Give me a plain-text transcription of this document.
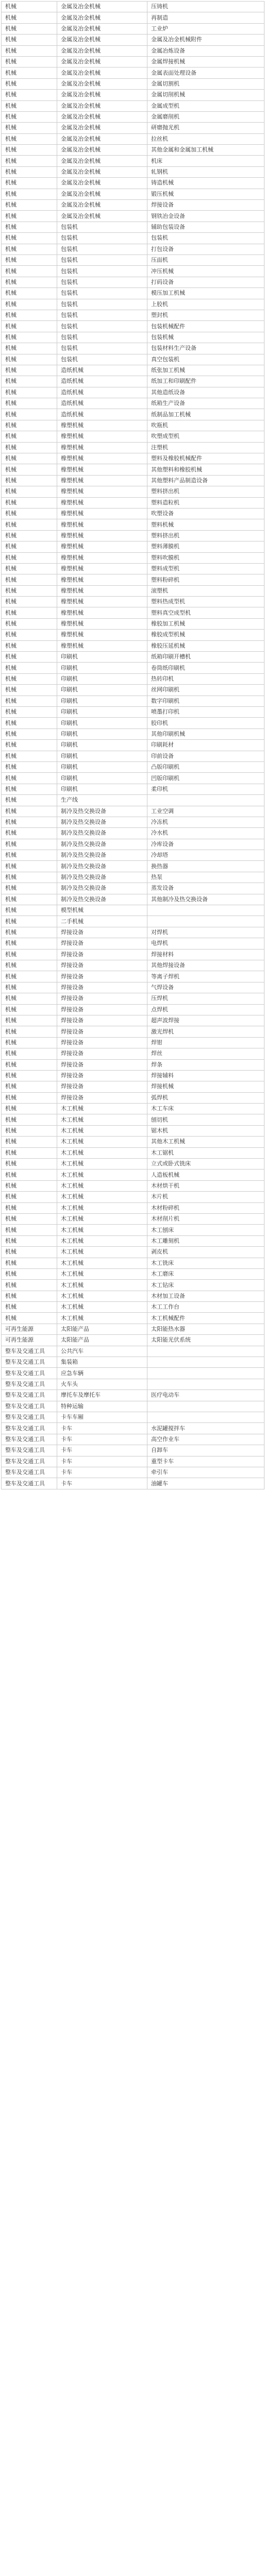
机械	金属及冶金机械	压铸机
机械	金属及冶金机械	再制造
机械	金属及冶金机械	工业炉
机械	金属及冶金机械	金属及冶金机械附件
机械	金属及冶金机械	金属冶炼设备
机械	金属及冶金机械	金属焊接机械
机械	金属及冶金机械	金属表面处理设备
机械	金属及冶金机械	金属切割机
机械	金属及冶金机械	金属切削机械
机械	金属及冶金机械	金属成型机
机械	金属及冶金机械	金属磨削机
机械	金属及冶金机械	研磨抛光机
机械	金属及冶金机械	拉丝机
机械	金属及冶金机械	其他金属和金属加工机械
机械	金属及冶金机械	机床
机械	金属及冶金机械	轧钢机
机械	金属及冶金机械	铸造机械
机械	金属及冶金机械	锻压机械
机械	金属及冶金机械	焊接设备
机械	金属及冶金机械	钢铁冶金设备
机械	包装机	辅助包装设备
机械	包装机	包装机
机械	包装机	打包设备
机械	包装机	压面机
机械	包装机	冲压机械
机械	包装机	打码设备
机械	包装机	模压加工机械
机械	包装机	上胶机
机械	包装机	塑封机
机械	包装机	包装机械配件
机械	包装机	包装机械
机械	包装机	包装材料生产设备
机械	包装机	真空包装机
机械	造纸机械	纸张加工机械
机械	造纸机械	纸加工和印刷配件
机械	造纸机械	其他造纸设备
机械	造纸机械	纸箱生产设备
机械	造纸机械	纸制品加工机械
机械	橡塑机械	吹瓶机
机械	橡塑机械	吹塑成型机
机械	橡塑机械	注塑机
机械	橡塑机械	塑料及橡胶机械配件
机械	橡塑机械	其他塑料和橡胶机械
机械	橡塑机械	其他塑料产品制造设备
机械	橡塑机械	塑料挤出机
机械	橡塑机械	塑料造粒机
机械	橡塑机械	吹塑设备
机械	橡塑机械	塑料机械
机械	橡塑机械	塑料挤出机
机械	橡塑机械	塑料薄膜机
机械	橡塑机械	塑料吹膜机
机械	橡塑机械	塑料成型机
机械	橡塑机械	塑料粉碎机
机械	橡塑机械	滚塑机
机械	橡塑机械	塑料热成型机
机械	橡塑机械	塑料真空成型机
机械	橡塑机械	橡胶加工机械
机械	橡塑机械	橡胶成型机械
机械	橡塑机械	橡胶压延机械
机械	印刷机	纸箱印刷开槽机
机械	印刷机	卷筒纸印刷机
机械	印刷机	热转印机
机械	印刷机	丝网印刷机
机械	印刷机	数字印刷机
机械	印刷机	喷墨打印机
机械	印刷机	胶印机
机械	印刷机	其他印刷机械
机械	印刷机	印刷耗材
机械	印刷机	印前设备
机械	印刷机	凸版印刷机
机械	印刷机	凹版印刷机
机械	印刷机	柔印机
机械	生产线	
机械	制冷及热交换设备	工业空调
机械	制冷及热交换设备	冷冻机
机械	制冷及热交换设备	冷水机
机械	制冷及热交换设备	冷库设备
机械	制冷及热交换设备	冷却塔
机械	制冷及热交换设备	换热器
机械	制冷及热交换设备	热泵
机械	制冷及热交换设备	蒸发设备
机械	制冷及热交换设备	其他制冷及热交换设备
机械	模型机械	
机械	二手机械	
机械	焊接设备	对焊机
机械	焊接设备	电焊机
机械	焊接设备	焊接材料
机械	焊接设备	其他焊接设备
机械	焊接设备	等离子焊机
机械	焊接设备	气焊设备
机械	焊接设备	压焊机
机械	焊接设备	点焊机
机械	焊接设备	超声波焊接
机械	焊接设备	激光焊机
机械	焊接设备	焊钳
机械	焊接设备	焊丝
机械	焊接设备	焊条
机械	焊接设备	焊接辅料
机械	焊接设备	焊接机械
机械	焊接设备	弧焊机
机械	木工机械	木工车床
机械	木工机械	刨切机
机械	木工机械	锯木机
机械	木工机械	其他木工机械
机械	木工机械	木工锯机
机械	木工机械	立式或卧式铣床
机械	木工机械	人造板机械
机械	木工机械	木材烘干机
机械	木工机械	木片机
机械	木工机械	木材粉碎机
机械	木工机械	木材削片机
机械	木工机械	木工刨床
机械	木工机械	木工雕刻机
机械	木工机械	剥皮机
机械	木工机械	木工铣床
机械	木工机械	木工磨床
机械	木工机械	木工钻床
机械	木工机械	木材加工设备
机械	木工机械	木工工作台
机械	木工机械	木工机械配件
可再生能源	太阳能产品	太阳能热水器
可再生能源	太阳能产品	太阳能光伏系统
整车及交通工具	公共汽车	
整车及交通工具	集装箱	
整车及交通工具	应急车辆	
整车及交通工具	火车头	
整车及交通工具	摩托车及摩托车	医疗电动车
整车及交通工具	特种运输	
整车及交通工具	卡车车厢	
整车及交通工具	卡车	水泥罐搅拌车
整车及交通工具	卡车	高空作业车
整车及交通工具	卡车	自卸车
整车及交通工具	卡车	重型卡车
整车及交通工具	卡车	牵引车
整车及交通工具	卡车	油罐车
